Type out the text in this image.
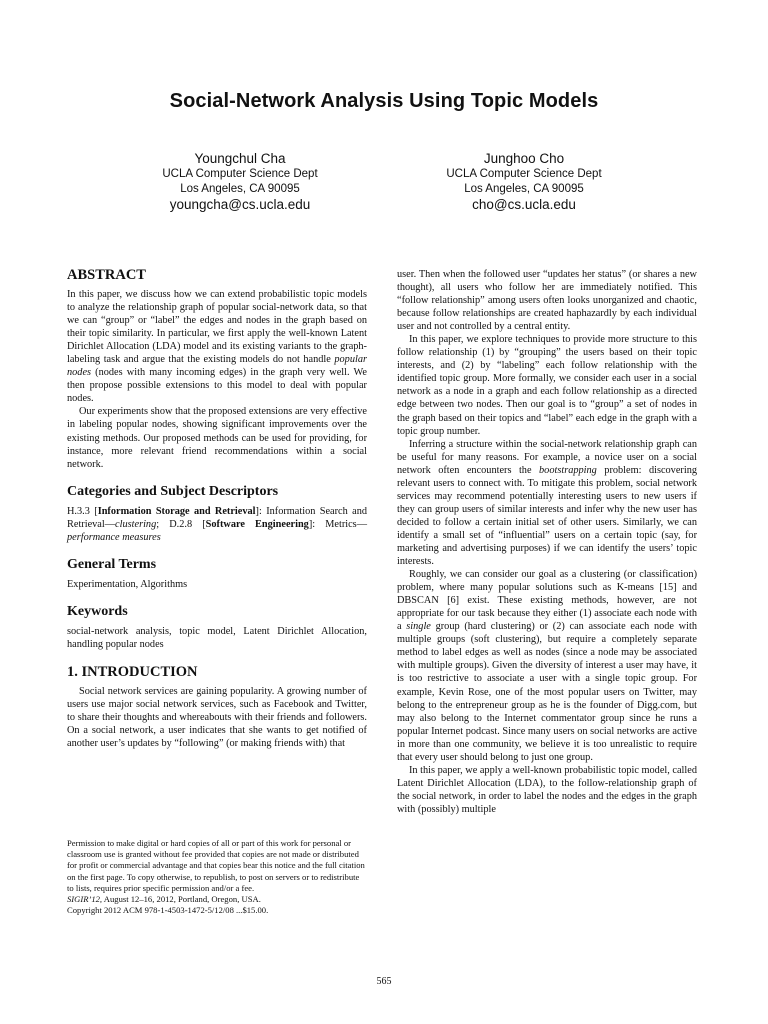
Social-Network Analysis Using Topic Models
Youngchul Cha
UCLA Computer Science Dept
Los Angeles, CA 90095
youngcha@cs.ucla.edu
Junghoo Cho
UCLA Computer Science Dept
Los Angeles, CA 90095
cho@cs.ucla.edu
ABSTRACT

In this paper, we discuss how we can extend probabilistic topic models to analyze the relationship graph of popular social-network data, so that we can “group” or “label” the edges and nodes in the graph based on their topic similarity. In particular, we first apply the well-known Latent Dirichlet Allocation (LDA) model and its existing variants to the graph-labeling task and argue that the existing models do not handle popular nodes (nodes with many incoming edges) in the graph very well. We then propose possible extensions to this model to deal with popular nodes.

Our experiments show that the proposed extensions are very effective in labeling popular nodes, showing significant improvements over the existing methods. Our proposed methods can be used for providing, for instance, more relevant friend recommendations within a social network.

Categories and Subject Descriptors

H.3.3 [Information Storage and Retrieval]: Information Search and Retrieval—clustering; D.2.8 [Software Engineering]: Metrics—performance measures

General Terms

Experimentation, Algorithms

Keywords

social-network analysis, topic model, Latent Dirichlet Allocation, handling popular nodes

1. INTRODUCTION

Social network services are gaining popularity. A growing number of users use major social network services, such as Facebook and Twitter, to share their thoughts and whereabouts with their friends and followers. On a social network, a user indicates that she wants to get notified of another user’s updates by “following” (or making friends with) that

Permission to make digital or hard copies of all or part of this work for personal or classroom use is granted without fee provided that copies are not made or distributed for profit or commercial advantage and that copies bear this notice and the full citation on the first page. To copy otherwise, to republish, to post on servers or to redistribute to lists, requires prior specific permission and/or a fee.
SIGIR’12, August 12–16, 2012, Portland, Oregon, USA.
Copyright 2012 ACM 978-1-4503-1472-5/12/08 ...$15.00.

user. Then when the followed user “updates her status” (or shares a new thought), all users who follow her are immediately notified. This “follow relationship” among users often looks unorganized and chaotic, because follow relationships are created haphazardly by each individual user and not controlled by a central entity.

In this paper, we explore techniques to provide more structure to this follow relationship (1) by “grouping” the users based on their topic interests, and (2) by “labeling” each follow relationship with the identified topic group. More formally, we consider each user in a social network as a node in a graph and each follow relationship as a directed edge between two nodes. Then our goal is to “group” a set of nodes in the graph based on their topics and “label” each edge in the graph with a topic group number.

Inferring a structure within the social-network relationship graph can be useful for many reasons. For example, a novice user on a social network often encounters the bootstrapping problem: discovering relevant users to connect with. To mitigate this problem, social network services may recommend potentially interesting users to new users if they can group users of similar interests and infer why the new user has decided to follow a certain initial set of other users. Similarly, we can identify a small set of “influential” users on a certain topic (say, for marketing and advertising purposes) if we can identify the users’ topic interests.

Roughly, we can consider our goal as a clustering (or classification) problem, where many popular solutions such as K-means [15] and DBSCAN [6] exist. These existing methods, however, are not appropriate for our task because they either (1) associate each node with a single group (hard clustering) or (2) can associate each node with multiple groups (soft clustering), but require a completely separate method to label edges as well as nodes (since a node may be associated with multiple groups). Given the diversity of interest a user may have, it is too restrictive to associate a user with a single topic group. For example, Kevin Rose, one of the most popular users on Twitter, may belong to the entrepreneur group as he is the founder of Digg.com, but may also belong to the Internet commentator group since he runs a popular Internet podcast. Since many users on social networks are active in more than one community, we believe it is too unrealistic to require that every user should belong to just one group.

In this paper, we apply a well-known probabilistic topic model, called Latent Dirichlet Allocation (LDA), to the follow-relationship graph of the social network, in order to label the nodes and the edges in the graph with (possibly) multiple

565
